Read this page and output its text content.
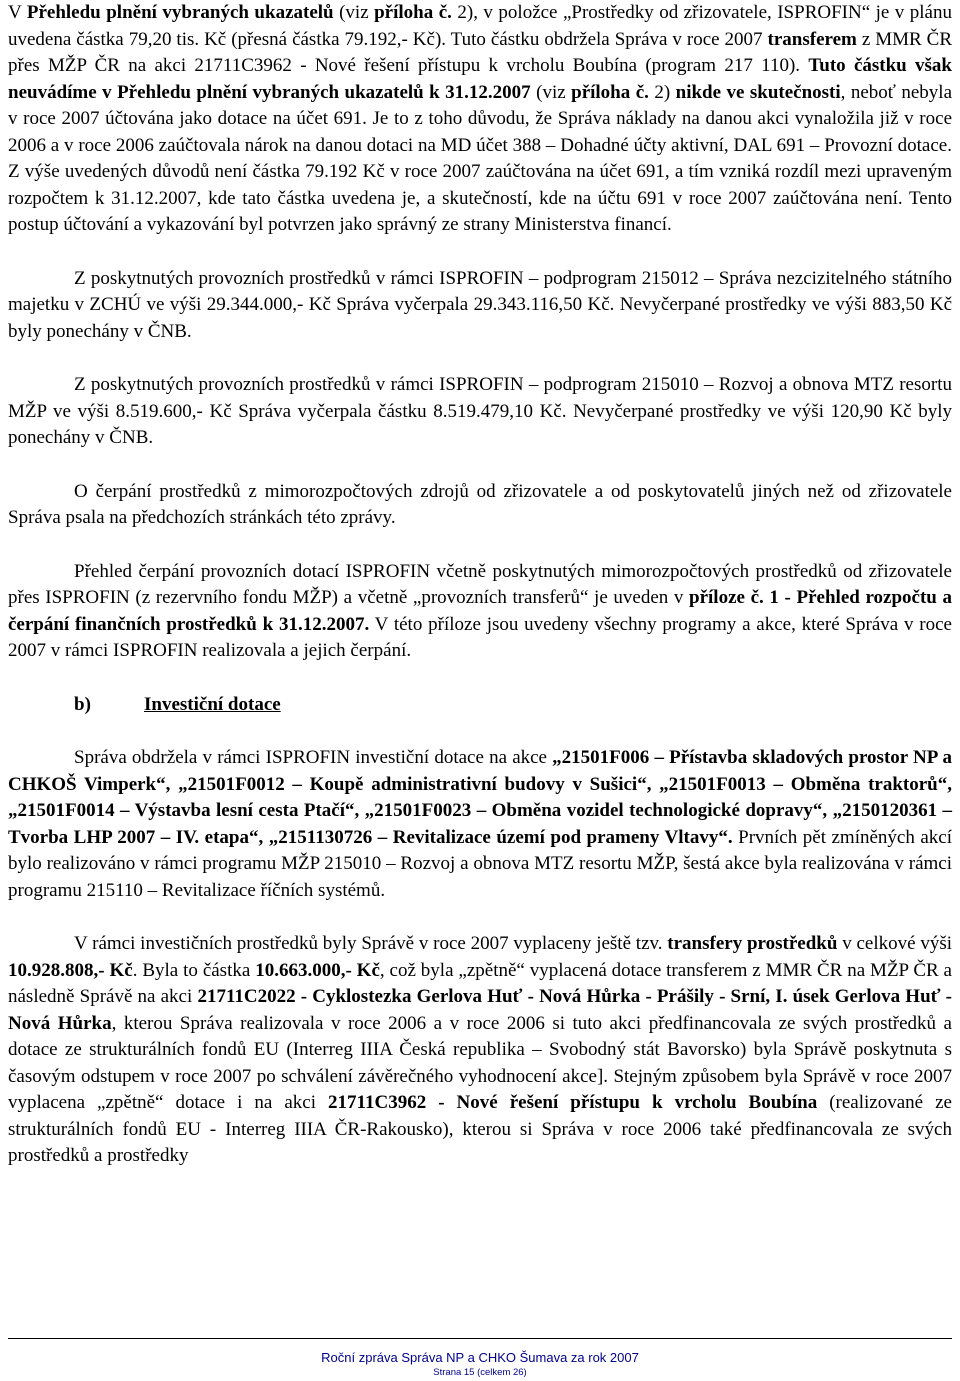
V Přehledu plnění vybraných ukazatelů (viz příloha č. 2), v položce „Prostředky od zřizovatele, ISPROFIN“ je v plánu uvedena částka 79,20 tis. Kč (přesná částka 79.192,- Kč). Tuto částku obdržela Správa v roce 2007 transferem z MMR ČR přes MŽP ČR na akci 21711C3962 - Nové řešení přístupu k vrcholu Boubína (program 217 110). Tuto částku však neuvádíme v Přehledu plnění vybraných ukazatelů k 31.12.2007 (viz příloha č. 2) nikde ve skutečnosti, neboť nebyla v roce 2007 účtována jako dotace na účet 691. Je to z toho důvodu, že Správa náklady na danou akci vynaložila již v roce 2006 a v roce 2006 zaúčtovala nárok na danou dotaci na MD účet 388 – Dohadné účty aktivní, DAL 691 – Provozní dotace. Z výše uvedených důvodů není částka 79.192 Kč v roce 2007 zaúčtována na účet 691, a tím vzniká rozdíl mezi upraveným rozpočtem k 31.12.2007, kde tato částka uvedena je, a skutečností, kde na účtu 691 v roce 2007 zaúčtována není. Tento postup účtování a vykazování byl potvrzen jako správný ze strany Ministerstva financí.

Z poskytnutých provozních prostředků v rámci ISPROFIN – podprogram 215012 – Správa nezcizitelného státního majetku v ZCHÚ ve výši 29.344.000,- Kč Správa vyčerpala 29.343.116,50 Kč. Nevyčerpané prostředky ve výši 883,50 Kč byly ponechány v ČNB.

Z poskytnutých provozních prostředků v rámci ISPROFIN – podprogram 215010 – Rozvoj a obnova MTZ resortu MŽP ve výši 8.519.600,- Kč Správa vyčerpala částku 8.519.479,10 Kč. Nevyčerpané prostředky ve výši 120,90 Kč byly ponechány v ČNB.

O čerpání prostředků z mimorozpočtových zdrojů od zřizovatele a od poskytovatelů jiných než od zřizovatele Správa psala na předchozích stránkách této zprávy.

Přehled čerpání provozních dotací ISPROFIN včetně poskytnutých mimorozpočtových prostředků od zřizovatele přes ISPROFIN (z rezervního fondu MŽP) a včetně „provozních transferů“ je uveden v příloze č. 1 - Přehled rozpočtu a čerpání finančních prostředků k 31.12.2007. V této příloze jsou uvedeny všechny programy a akce, které Správa v roce 2007 v rámci ISPROFIN realizovala a jejich čerpání.

b)	Investiční dotace

Správa obdržela v rámci ISPROFIN investiční dotace na akce „21501F006 – Přístavba skladových prostor NP a CHKOŠ Vimperk“, „21501F0012 – Koupě administrativní budovy v Sušici“, „21501F0013 – Obměna traktorů“, „21501F0014 – Výstavba lesní cesta Ptačí“, „21501F0023 – Obměna vozidel technologické dopravy“, „2150120361 – Tvorba LHP 2007 – IV. etapa“, „2151130726 – Revitalizace území pod prameny Vltavy“. Prvních pět zmíněných akcí bylo realizováno v rámci programu MŽP 215010 – Rozvoj a obnova MTZ resortu MŽP, šestá akce byla realizována v rámci programu 215110 – Revitalizace říčních systémů.

V rámci investičních prostředků byly Správě v roce 2007 vyplaceny ještě tzv. transfery prostředků v celkové výši 10.928.808,- Kč. Byla to částka 10.663.000,- Kč, což byla „zpětně“ vyplacená dotace transferem z MMR ČR na MŽP ČR a následně Správě na akci 21711C2022 - Cyklostezka Gerlova Huť - Nová Hůrka - Prášily - Srní, I. úsek Gerlova Huť - Nová Hůrka, kterou Správa realizovala v roce 2006 a v roce 2006 si tuto akci předfinancovala ze svých prostředků a dotace ze strukturálních fondů EU (Interreg IIIA Česká republika – Svobodný stát Bavorsko) byla Správě poskytnuta s časovým odstupem v roce 2007 po schválení závěrečného vyhodnocení akce]. Stejným způsobem byla Správě v roce 2007 vyplacena „zpětně“ dotace i na akci 21711C3962 - Nové řešení přístupu k vrcholu Boubína (realizované ze strukturálních fondů EU - Interreg IIIA ČR-Rakousko), kterou si Správa v roce 2006 také předfinancovala ze svých prostředků a prostředky

Roční zpráva Správa NP a CHKO Šumava za rok 2007
Strana 15 (celkem 26)
